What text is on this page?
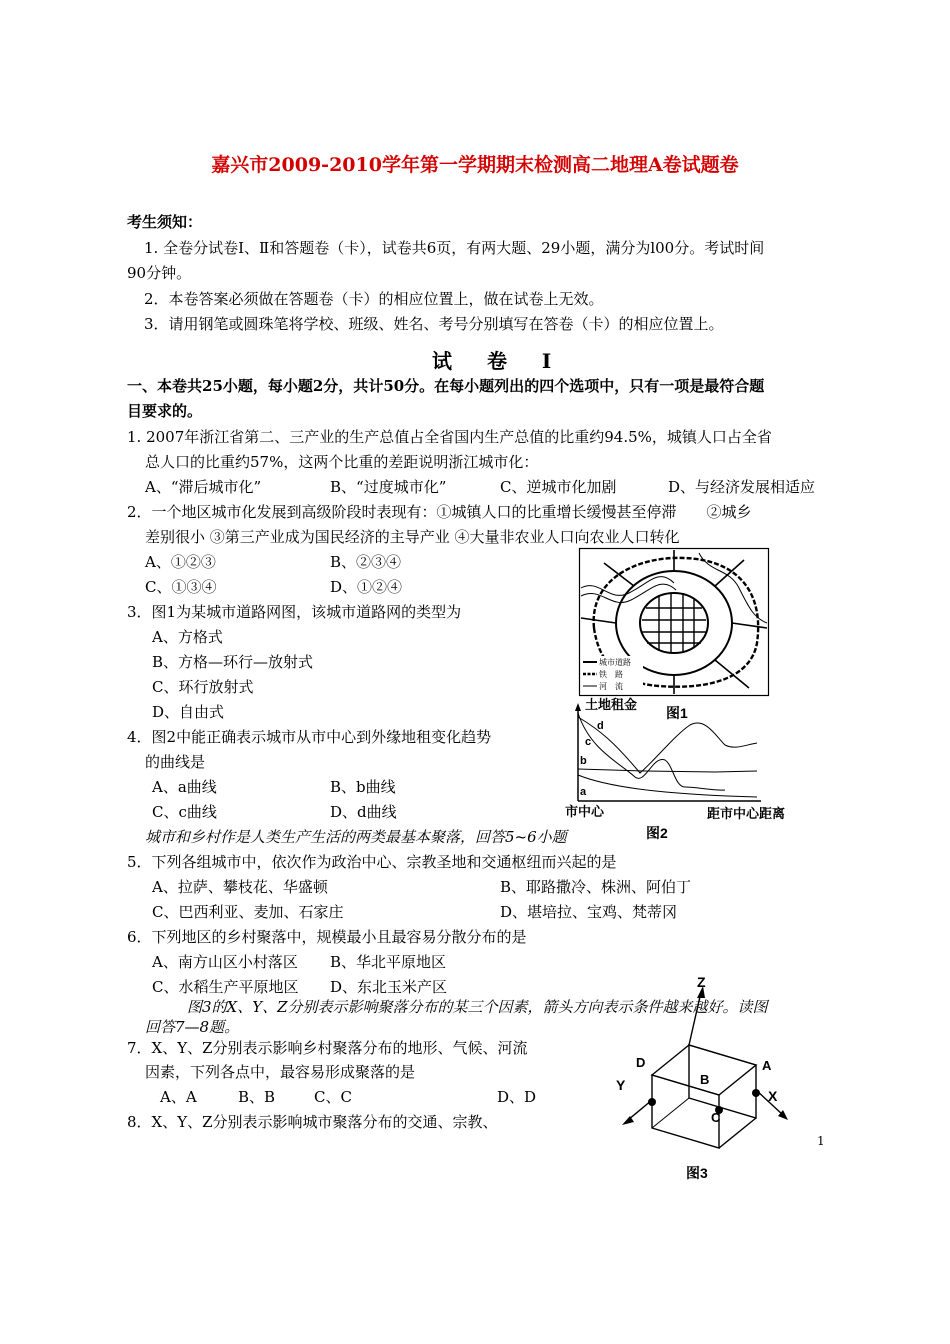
嘉兴市2009-2010学年第一学期期末检测高二地理A卷试题卷
考生须知：
1. 全卷分试卷Ⅰ、Ⅱ和答题卷（卡），试卷共6页，有两大题、29小题，满分为l00分。考试时间
90分钟。
2．本卷答案必须做在答题卷（卡）的相应位置上，做在试卷上无效。
3．请用钢笔或圆珠笔将学校、班级、姓名、考号分别填写在答卷（卡）的相应位置上。
试 卷 Ⅰ
一、本卷共25小题，每小题2分，共计50分。在每小题列出的四个选项中，只有一项是最符合题
目要求的。
1. 2007年浙江省第二、三产业的生产总值占全省国内生产总值的比重约94.5%，城镇人口占全省
总人口的比重约57%，这两个比重的差距说明浙江城市化：
A、“滞后城市化”	B、“过度城市化”	C、逆城市化加剧	D、与经济发展相适应
2．一个地区城市化发展到高级阶段时表现有：①城镇人口的比重增长缓慢甚至停滞　　②城乡
差别很小 ③第三产业成为国民经济的主导产业 ④大量非农业人口向农业人口转化
A、①②③	B、②③④
C、①③④	D、①②④
3．图1为某城市道路网图，该城市道路网的类型为
A、方格式
B、方格—环行—放射式
C、环行放射式
D、自由式
4．图2中能正确表示城市从市中心到外缘地租变化趋势
的曲线是
A、a曲线	B、b曲线
C、c曲线	D、d曲线
城市和乡村作是人类生产生活的两类最基本聚落，回答5~6小题
5．下列各组城市中，依次作为政治中心、宗教圣地和交通枢纽而兴起的是
A、拉萨、攀枝花、华盛顿	B、耶路撒冷、株洲、阿伯丁
C、巴西利亚、麦加、石家庄	D、堪培拉、宝鸡、梵蒂冈
6．下列地区的乡村聚落中，规模最小且最容易分散分布的是
A、南方山区小村落区 B、华北平原地区
C、水稻生产平原地区 D、东北玉米产区
图3的X、Y、Z分别表示影响聚落分布的某三个因素，箭头方向表示条件越来越好。读图
回答7—8题。
7．X、Y、Z分别表示影响乡村聚落分布的地形、气候、河流
因素，下列各点中，最容易形成聚落的是
A、A	B、B	C、C	D、D
8．X、Y、Z分别表示影响城市聚落分布的交通、宗教、
城市道路
铁　路
河　流
图1
土地租金
d
c
b
a
市中心	距市中心距离
图2
Z
Y
X
D	A
B
C
图3
1
